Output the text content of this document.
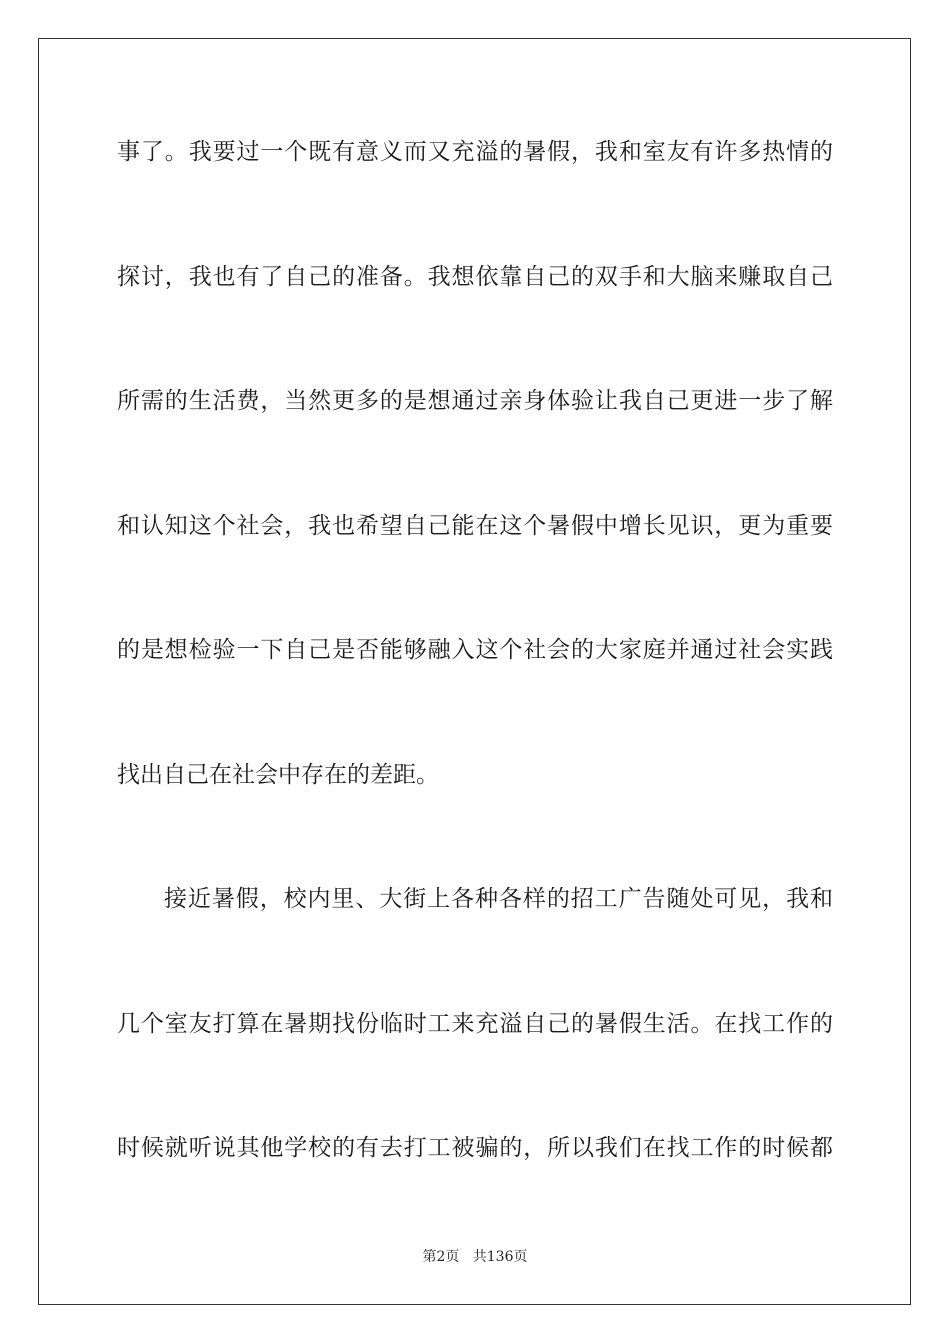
事了。我要过一个既有意义而又充溢的暑假，我和室友有许多热情的
探讨，我也有了自己的准备。我想依靠自己的双手和大脑来赚取自己
所需的生活费，当然更多的是想通过亲身体验让我自己更进一步了解
和认知这个社会，我也希望自己能在这个暑假中增长见识，更为重要
的是想检验一下自己是否能够融入这个社会的大家庭并通过社会实践
找出自己在社会中存在的差距。
接近暑假，校内里、大街上各种各样的招工广告随处可见，我和
几个室友打算在暑期找份临时工来充溢自己的暑假生活。在找工作的
时候就听说其他学校的有去打工被骗的，所以我们在找工作的时候都
第2页 共136页
